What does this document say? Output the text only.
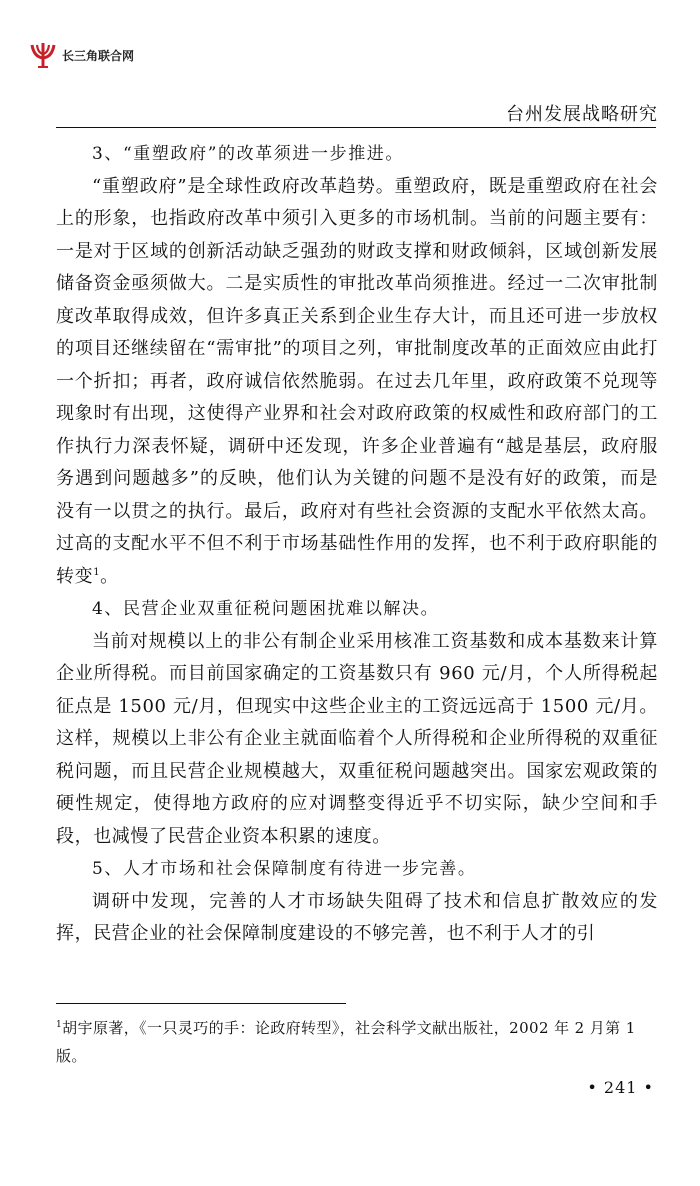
长三角联合网
台州发展战略研究

3、“重塑政府”的改革须进一步推进。

“重塑政府”是全球性政府改革趋势。重塑政府，既是重塑政府在社会上的形象，也指政府改革中须引入更多的市场机制。当前的问题主要有：一是对于区域的创新活动缺乏强劲的财政支撑和财政倾斜，区域创新发展储备资金亟须做大。二是实质性的审批改革尚须推进。经过一二次审批制度改革取得成效，但许多真正关系到企业生存大计，而且还可进一步放权的项目还继续留在“需审批”的项目之列，审批制度改革的正面效应由此打一个折扣；再者，政府诚信依然脆弱。在过去几年里，政府政策不兑现等现象时有出现，这使得产业界和社会对政府政策的权威性和政府部门的工作执行力深表怀疑，调研中还发现，许多企业普遍有“越是基层，政府服务遇到问题越多”的反映，他们认为关键的问题不是没有好的政策，而是没有一以贯之的执行。最后，政府对有些社会资源的支配水平依然太高。过高的支配水平不但不利于市场基础性作用的发挥，也不利于政府职能的转变$^1$。

4、民营企业双重征税问题困扰难以解决。

当前对规模以上的非公有制企业采用核准工资基数和成本基数来计算企业所得税。而目前国家确定的工资基数只有 960 元/月，个人所得税起征点是 1500 元/月，但现实中这些企业主的工资远远高于 1500 元/月。这样，规模以上非公有企业主就面临着个人所得税和企业所得税的双重征税问题，而且民营企业规模越大，双重征税问题越突出。国家宏观政策的硬性规定，使得地方政府的应对调整变得近乎不切实际，缺少空间和手段，也减慢了民营企业资本积累的速度。

5、人才市场和社会保障制度有待进一步完善。

调研中发现，完善的人才市场缺失阻碍了技术和信息扩散效应的发挥，民营企业的社会保障制度建设的不够完善，也不利于人才的引

$^1$胡宇原著，《一只灵巧的手：论政府转型》，社会科学文献出版社，2002 年 2 月第 1 版。

• 241 •
